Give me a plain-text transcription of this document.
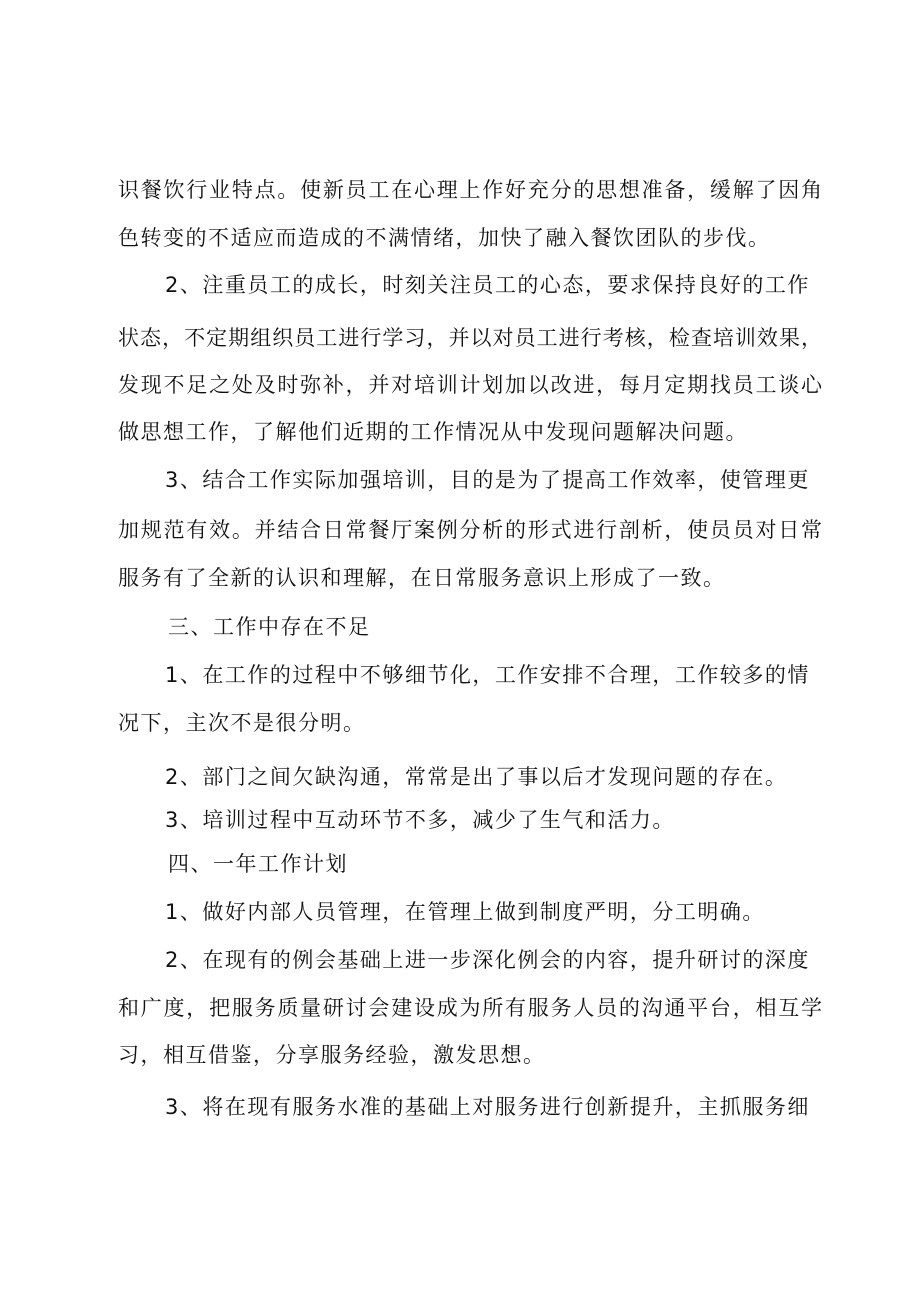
识餐饮行业特点。使新员工在心理上作好充分的思想准备，缓解了因角
色转变的不适应而造成的不满情绪，加快了融入餐饮团队的步伐。
2、注重员工的成长，时刻关注员工的心态，要求保持良好的工作
状态，不定期组织员工进行学习，并以对员工进行考核，检查培训效果，
发现不足之处及时弥补，并对培训计划加以改进，每月定期找员工谈心
做思想工作，了解他们近期的工作情况从中发现问题解决问题。
3、结合工作实际加强培训，目的是为了提高工作效率，使管理更
加规范有效。并结合日常餐厅案例分析的形式进行剖析，使员员对日常
服务有了全新的认识和理解，在日常服务意识上形成了一致。
三、工作中存在不足
1、在工作的过程中不够细节化，工作安排不合理，工作较多的情
况下，主次不是很分明。
2、部门之间欠缺沟通，常常是出了事以后才发现问题的存在。
3、培训过程中互动环节不多，减少了生气和活力。
四、一年工作计划
1、做好内部人员管理，在管理上做到制度严明，分工明确。
2、在现有的例会基础上进一步深化例会的内容，提升研讨的深度
和广度，把服务质量研讨会建设成为所有服务人员的沟通平台，相互学
习，相互借鉴，分享服务经验，激发思想。
3、将在现有服务水准的基础上对服务进行创新提升，主抓服务细
